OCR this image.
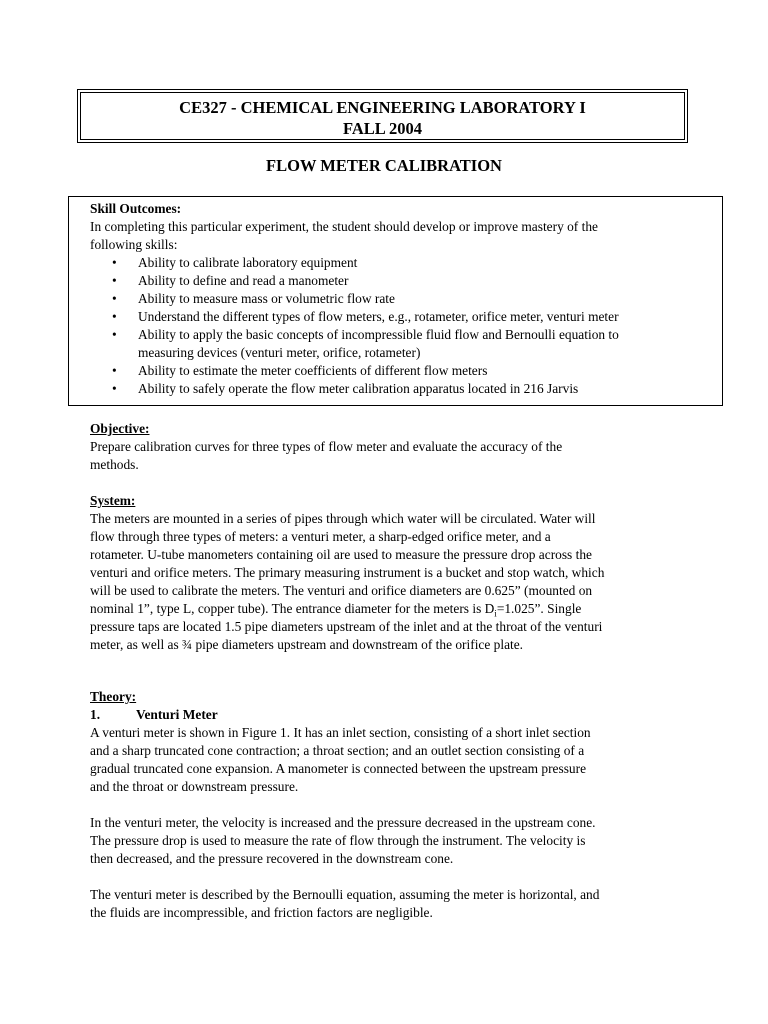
CE327 - CHEMICAL ENGINEERING LABORATORY I
FALL 2004
FLOW METER CALIBRATION
Skill Outcomes:
In completing this particular experiment, the student should develop or improve mastery of the
following skills:
• Ability to calibrate laboratory equipment
• Ability to define and read a manometer
• Ability to measure mass or volumetric flow rate
• Understand the different types of flow meters, e.g., rotameter, orifice meter, venturi meter
• Ability to apply the basic concepts of incompressible fluid flow and Bernoulli equation to
measuring devices (venturi meter, orifice, rotameter)
• Ability to estimate the meter coefficients of different flow meters
• Ability to safely operate the flow meter calibration apparatus located in 216 Jarvis
Objective:

Prepare calibration curves for three types of flow meter and evaluate the accuracy of the

methods.

System:

The meters are mounted in a series of pipes through which water will be circulated. Water will

flow through three types of meters: a venturi meter, a sharp-edged orifice meter, and a

rotameter. U-tube manometers containing oil are used to measure the pressure drop across the

venturi and orifice meters. The primary measuring instrument is a bucket and stop watch, which

will be used to calibrate the meters. The venturi and orifice diameters are 0.625” (mounted on

nominal 1”, type L, copper tube). The entrance diameter for the meters is $D_i=1.025$”. Single

pressure taps are located 1.5 pipe diameters upstream of the inlet and at the throat of the venturi

meter, as well as ¾ pipe diameters upstream and downstream of the orifice plate.

Theory:
1.	Venturi Meter

A venturi meter is shown in Figure 1. It has an inlet section, consisting of a short inlet section

and a sharp truncated cone contraction; a throat section; and an outlet section consisting of a

gradual truncated cone expansion. A manometer is connected between the upstream pressure

and the throat or downstream pressure.

In the venturi meter, the velocity is increased and the pressure decreased in the upstream cone.

The pressure drop is used to measure the rate of flow through the instrument. The velocity is

then decreased, and the pressure recovered in the downstream cone.

The venturi meter is described by the Bernoulli equation, assuming the meter is horizontal, and

the fluids are incompressible, and friction factors are negligible.
